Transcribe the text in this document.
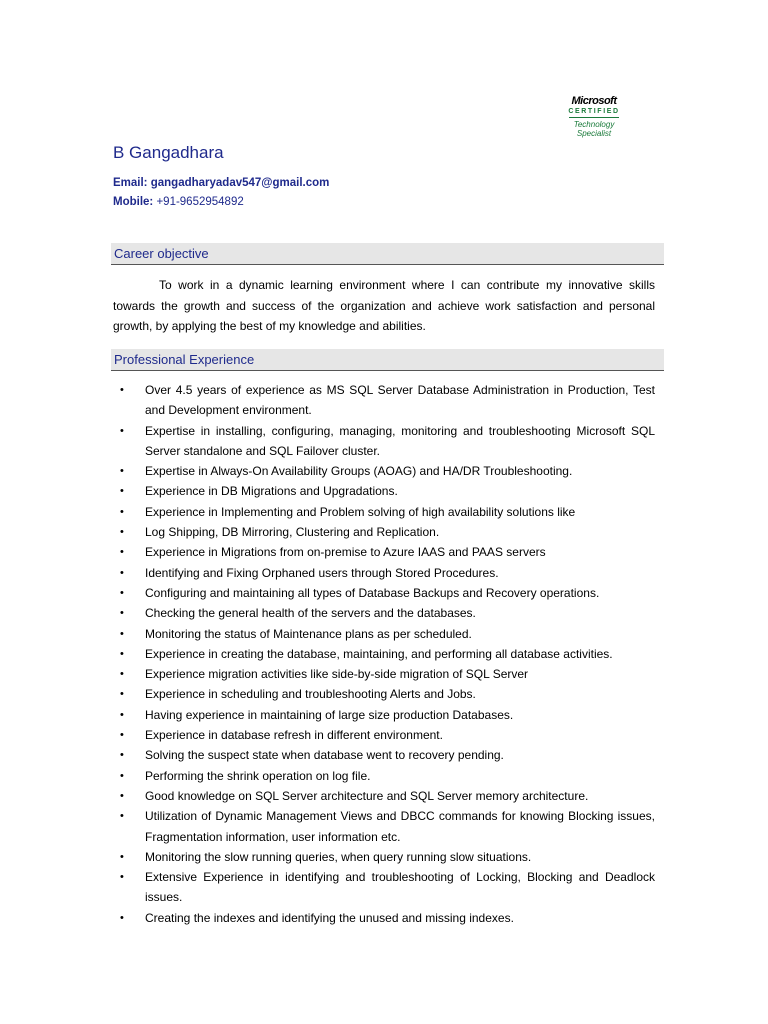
Microsoft
CERTIFIED
Technology
Specialist
B Gangadhara
Email: gangadharyadav547@gmail.com
Mobile: +91-9652954892
Career objective
To work in a dynamic learning environment where I can contribute my innovative skills towards the growth and success of the organization and achieve work satisfaction and personal growth, by applying the best of my knowledge and abilities.
Professional Experience
• Over 4.5 years of experience as MS SQL Server Database Administration in Production, Test and Development environment.
• Expertise in installing, configuring, managing, monitoring and troubleshooting Microsoft SQL Server standalone and SQL Failover cluster.
• Expertise in Always-On Availability Groups (AOAG) and HA/DR Troubleshooting.
• Experience in DB Migrations and Upgradations.
• Experience in Implementing and Problem solving of high availability solutions like
• Log Shipping, DB Mirroring, Clustering and Replication.
• Experience in Migrations from on-premise to Azure IAAS and PAAS servers
• Identifying and Fixing Orphaned users through Stored Procedures.
• Configuring and maintaining all types of Database Backups and Recovery operations.
• Checking the general health of the servers and the databases.
• Monitoring the status of Maintenance plans as per scheduled.
• Experience in creating the database, maintaining, and performing all database activities.
• Experience migration activities like side-by-side migration of SQL Server
• Experience in scheduling and troubleshooting Alerts and Jobs.
• Having experience in maintaining of large size production Databases.
• Experience in database refresh in different environment.
• Solving the suspect state when database went to recovery pending.
• Performing the shrink operation on log file.
• Good knowledge on SQL Server architecture and SQL Server memory architecture.
• Utilization of Dynamic Management Views and DBCC commands for knowing Blocking issues, Fragmentation information, user information etc.
• Monitoring the slow running queries, when query running slow situations.
• Extensive Experience in identifying and troubleshooting of Locking, Blocking and Deadlock issues.
• Creating the indexes and identifying the unused and missing indexes.
